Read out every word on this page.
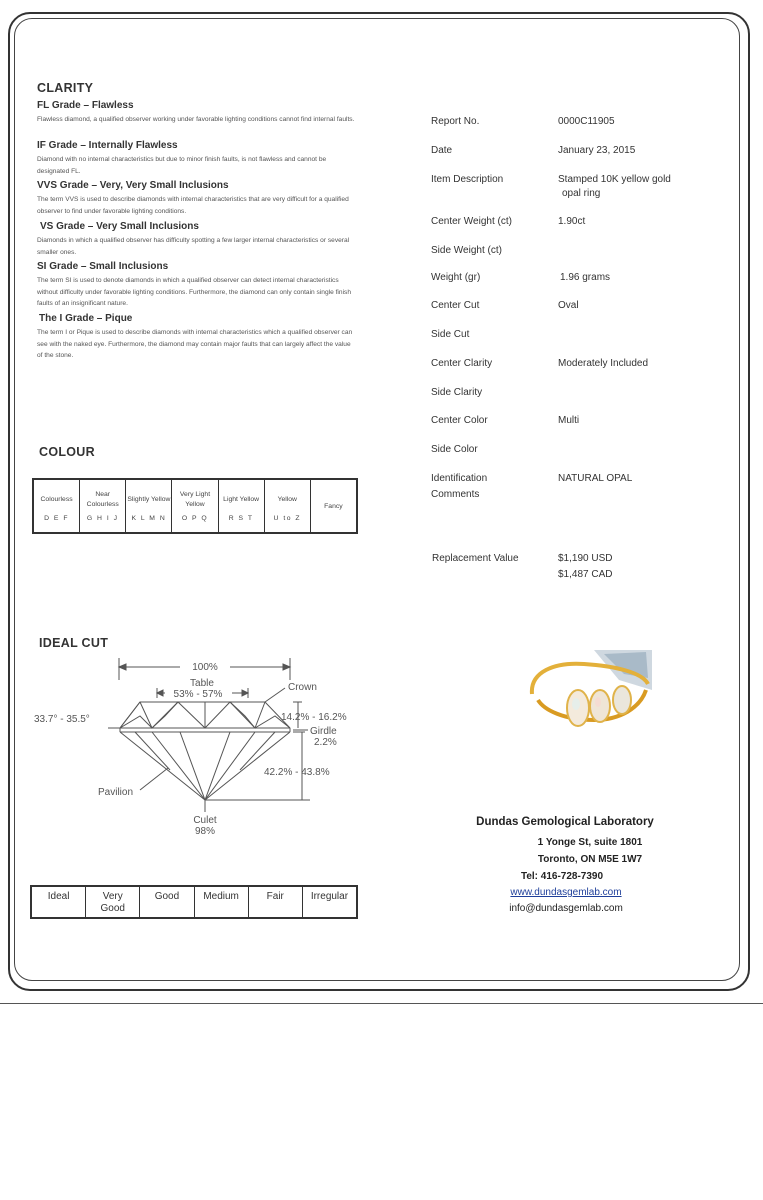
CLARITY
FL Grade – Flawless
Flawless diamond, a qualified observer working under favorable lighting conditions cannot find internal faults.
IF Grade – Internally Flawless
Diamond with no internal characteristics but due to minor finish faults, is not flawless and cannot be designated FL.
VVS Grade – Very, Very Small Inclusions
The term VVS is used to describe diamonds with internal characteristics that are very difficult for a qualified observer to find under favorable lighting conditions.
VS Grade – Very Small Inclusions
Diamonds in which a qualified observer has difficulty spotting a few larger internal characteristics or several smaller ones.
SI Grade – Small Inclusions
The term SI is used to denote diamonds in which a qualified observer can detect internal characteristics without difficulty under favorable lighting conditions. Furthermore, the diamond can only contain single finish faults of an insignificant nature.
The I Grade – Pique
The term I or Pique is used to describe diamonds with internal characteristics which a qualified observer can see with the naked eye. Furthermore, the diamond may contain major faults that can largely affect the value of the stone.
COLOUR
Colourless
D E F
Near Colourless
G H I J
Slightly Yellow
K L M N
Very Light Yellow
O P Q
Light Yellow
R S T
Yellow
U to Z
Fancy
IDEAL CUT
100%
Table
53% - 57%
Crown
33.7° - 35.5°	14.2% - 16.2%
Girdle
2.2%
42.2% - 43.8%
Pavilion
Culet
98%
Ideal	Very Good
Good	Medium	Fair	Irregular
Report No.	0000C11905
Date	January 23, 2015
Item Description	Stamped 10K yellow gold
opal ring
Center Weight (ct)	1.90ct
Side Weight (ct)
Weight (gr)	1.96 grams
Center Cut	Oval
Side Cut
Center Clarity	Moderately Included
Side Clarity
Center Color	Multi
Side Color
Identification
Comments
NATURAL OPAL
Replacement Value	$1,190 USD
$1,487 CAD
Dundas Gemological Laboratory
1 Yonge St, suite 1801
Toronto, ON M5E 1W7
Tel: 416-728-7390
www.dundasgemlab.com
info@dundasgemlab.com
